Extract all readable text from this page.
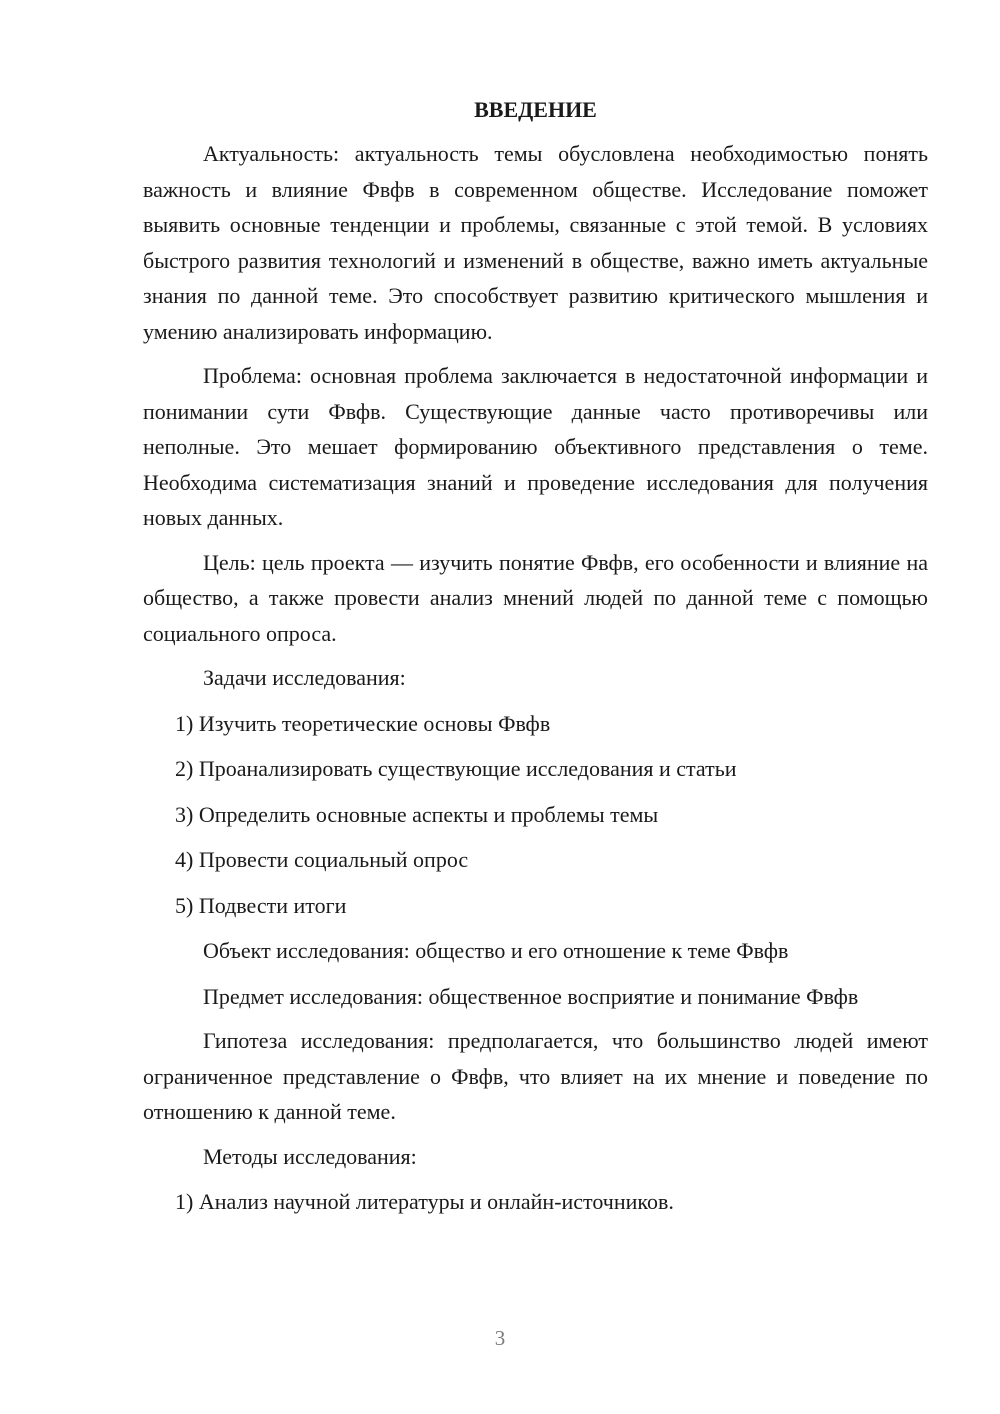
ВВЕДЕНИЕ

Актуальность: актуальность темы обусловлена необходимостью понять важность и влияние Фвфв в современном обществе. Исследование поможет выявить основные тенденции и проблемы, связанные с этой темой. В условиях быстрого развития технологий и изменений в обществе, важно иметь актуальные знания по данной теме. Это способствует развитию критического мышления и умению анализировать информацию.

Проблема: основная проблема заключается в недостаточной информации и понимании сути Фвфв. Существующие данные часто противоречивы или неполные. Это мешает формированию объективного представления о теме. Необходима систематизация знаний и проведение исследования для получения новых данных.

Цель: цель проекта — изучить понятие Фвфв, его особенности и влияние на общество, а также провести анализ мнений людей по данной теме с помощью социального опроса.

Задачи исследования:
1) Изучить теоретические основы Фвфв
2) Проанализировать существующие исследования и статьи
3) Определить основные аспекты и проблемы темы
4) Провести социальный опрос
5) Подвести итоги
Объект исследования: общество и его отношение к теме Фвфв

Предмет исследования: общественное восприятие и понимание Фвфв

Гипотеза исследования: предполагается, что большинство людей имеют ограниченное представление о Фвфв, что влияет на их мнение и поведение по отношению к данной теме.

Методы исследования:
1) Анализ научной литературы и онлайн-источников.
3
